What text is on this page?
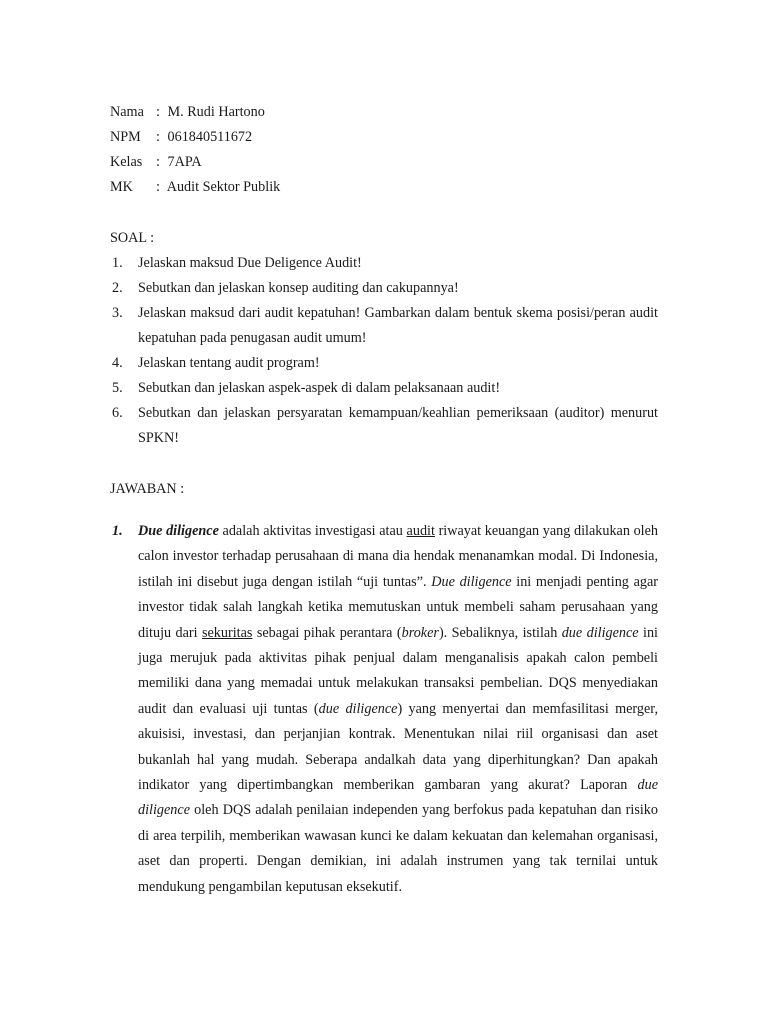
Nama : M. Rudi Hartono
NPM : 061840511672
Kelas : 7APA
MK : Audit Sektor Publik
SOAL :
1. Jelaskan maksud Due Deligence Audit!
2. Sebutkan dan jelaskan konsep auditing dan cakupannya!
3. Jelaskan maksud dari audit kepatuhan! Gambarkan dalam bentuk skema posisi/peran audit kepatuhan pada penugasan audit umum!
4. Jelaskan tentang audit program!
5. Sebutkan dan jelaskan aspek-aspek di dalam pelaksanaan audit!
6. Sebutkan dan jelaskan persyaratan kemampuan/keahlian pemeriksaan (auditor) menurut SPKN!
JAWABAN :
1. Due diligence adalah aktivitas investigasi atau audit riwayat keuangan yang dilakukan oleh calon investor terhadap perusahaan di mana dia hendak menanamkan modal. Di Indonesia, istilah ini disebut juga dengan istilah “uji tuntas”. Due diligence ini menjadi penting agar investor tidak salah langkah ketika memutuskan untuk membeli saham perusahaan yang dituju dari sekuritas sebagai pihak perantara (broker). Sebaliknya, istilah due diligence ini juga merujuk pada aktivitas pihak penjual dalam menganalisis apakah calon pembeli memiliki dana yang memadai untuk melakukan transaksi pembelian. DQS menyediakan audit dan evaluasi uji tuntas (due diligence) yang menyertai dan memfasilitasi merger, akuisisi, investasi, dan perjanjian kontrak. Menentukan nilai riil organisasi dan aset bukanlah hal yang mudah. Seberapa andalkah data yang diperhitungkan? Dan apakah indikator yang dipertimbangkan memberikan gambaran yang akurat? Laporan due diligence oleh DQS adalah penilaian independen yang berfokus pada kepatuhan dan risiko di area terpilih, memberikan wawasan kunci ke dalam kekuatan dan kelemahan organisasi, aset dan properti. Dengan demikian, ini adalah instrumen yang tak ternilai untuk mendukung pengambilan keputusan eksekutif.
